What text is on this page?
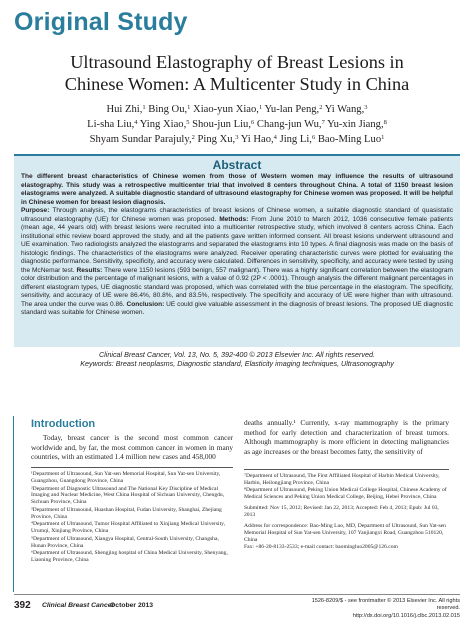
Original Study
Ultrasound Elastography of Breast Lesions in
Chinese Women: A Multicenter Study in China
Hui Zhi,$^1$ Bing Ou,$^1$ Xiao-yun Xiao,$^1$ Yu-lan Peng,$^2$ Yi Wang,$^3$
Li-sha Liu,$^4$ Ying Xiao,$^5$ Shou-jun Liu,$^6$ Chang-jun Wu,$^7$ Yu-xin Jiang,$^8$
Shyam Sundar Parajuly,$^2$ Ping Xu,$^3$ Yi Hao,$^4$ Jing Li,$^6$ Bao-Ming Luo$^1$
Abstract

The different breast characteristics of Chinese women from those of Western women may influence the results of ultrasound elastography. This study was a retrospective multicenter trial that involved 8 centers throughout China. A total of 1150 breast lesion elastograms were analyzed. A suitable diagnostic standard of ultrasound elastography for Chinese women was proposed. It will be helpful in Chinese women for breast lesion diagnosis.

Purpose: Through analysis, the elastograms characteristics of breast lesions of Chinese women, a suitable diagnostic standard of quasistatic ultrasound elastography (UE) for Chinese women was proposed. Methods: From June 2010 to March 2012, 1036 consecutive female patients (mean age, 44 years old) with breast lesions were recruited into a multicenter retrospective study, which involved 8 centers across China. Each institutional ethic review board approved the study, and all the patients gave written informed consent. All breast lesions underwent ultrasound and UE examination. Two radiologists analyzed the elastograms and separated the elastograms into 10 types. A final diagnosis was made on the basis of histologic findings. The characteristics of the elastograms were analyzed. Receiver operating characteristic curves were plotted for evaluating the diagnostic performance. Sensitivity, specificity, and accuracy were calculated. Differences in sensitivity, specificity, and accuracy were tested by using the McNemar test. Results: There were 1150 lesions (593 benign, 557 malignant). There was a highly significant correlation between the elastogram color distribution and the percentage of malignant lesions, with a value of 0.92 (2P < .0001). Through analysis the different malignant percentages in different elastogram types, UE diagnostic standard was proposed, which was correlated with the blue percentage in the elastogram. The specificity, sensitivity, and accuracy of UE were 86.4%, 80.8%, and 83.5%, respectively. The specificity and accuracy of UE were higher than with ultrasound. The area under the curve was 0.86. Conclusion: UE could give valuable assessment in the diagnosis of breast lesions. The proposed UE diagnostic standard was suitable for Chinese women.

Clinical Breast Cancer, Vol. 13, No. 5, 392-400 © 2013 Elsevier Inc. All rights reserved.
Keywords: Breast neoplasms, Diagnostic standard, Elasticity imaging techniques, Ultrasonography
Introduction

Today, breast cancer is the second most common cancer worldwide and, by far, the most common cancer in women in many countries, with an estimated 1.4 million new cases and 458,000

¹Department of Ultrasound, Sun Yat-sen Memorial Hospital, Sun Yat-sen University, Guangzhou, Guangdong Province, China
²Department of Diagnostic Ultrasound and The National Key Discipline of Medical Imaging and Nuclear Medicine, West China Hospital of Sichuan University, Chengdu, Sichuan Province, China
³Department of Ultrasound, Huashan Hospital, Fudan University, Shanghai, Zhejiang Province, China
⁴Department of Ultrasound, Tumor Hospital Affiliated to Xinjiang Medical University, Urumqi, Xinjiang Province, China
⁵Department of Ultrasound, Xiangya Hospital, Central-South University, Changsha, Hunan Province, China
⁶Department of Ultrasound, Shengjing hospital of China Medical University, Shenyang, Liaoning Province, China

deaths annually.¹ Currently, x-ray mammography is the primary method for early detection and characterization of breast tumors. Although mammography is more efficient in detecting malignancies as age increases or the breast becomes fatty, the sensitivity of

⁷Department of Ultrasound, The First Affiliated Hospital of Harbin Medical University, Harbin, Heilongjiang Province, China
⁸Department of Ultrasound, Peking Union Medical College Hospital, Chinese Academy of Medical Sciences and Peking Union Medical College, Beijing, Hebei Province, China
Submitted: Nov 15, 2012; Revised: Jan 22, 2013; Accepted: Feb 4, 2013; Epub: Jul 03, 2013
Address for correspondence: Bao-Ming Luo, MD, Department of Ultrasound, Sun Yat-sen Memorial Hospital of Sun Yat-sen University, 107 Yanjiangxi Road, Guangzhou 510120, China
Fax: +86-20-8133-2533; e-mail contact: baomingluo2005@126.com
392 Clinical Breast Cancer
October 2013
1526-8209/$ - see frontmatter © 2013 Elsevier Inc. All rights reserved.
http://dx.doi.org/10.1016/j.clbc.2013.02.015
